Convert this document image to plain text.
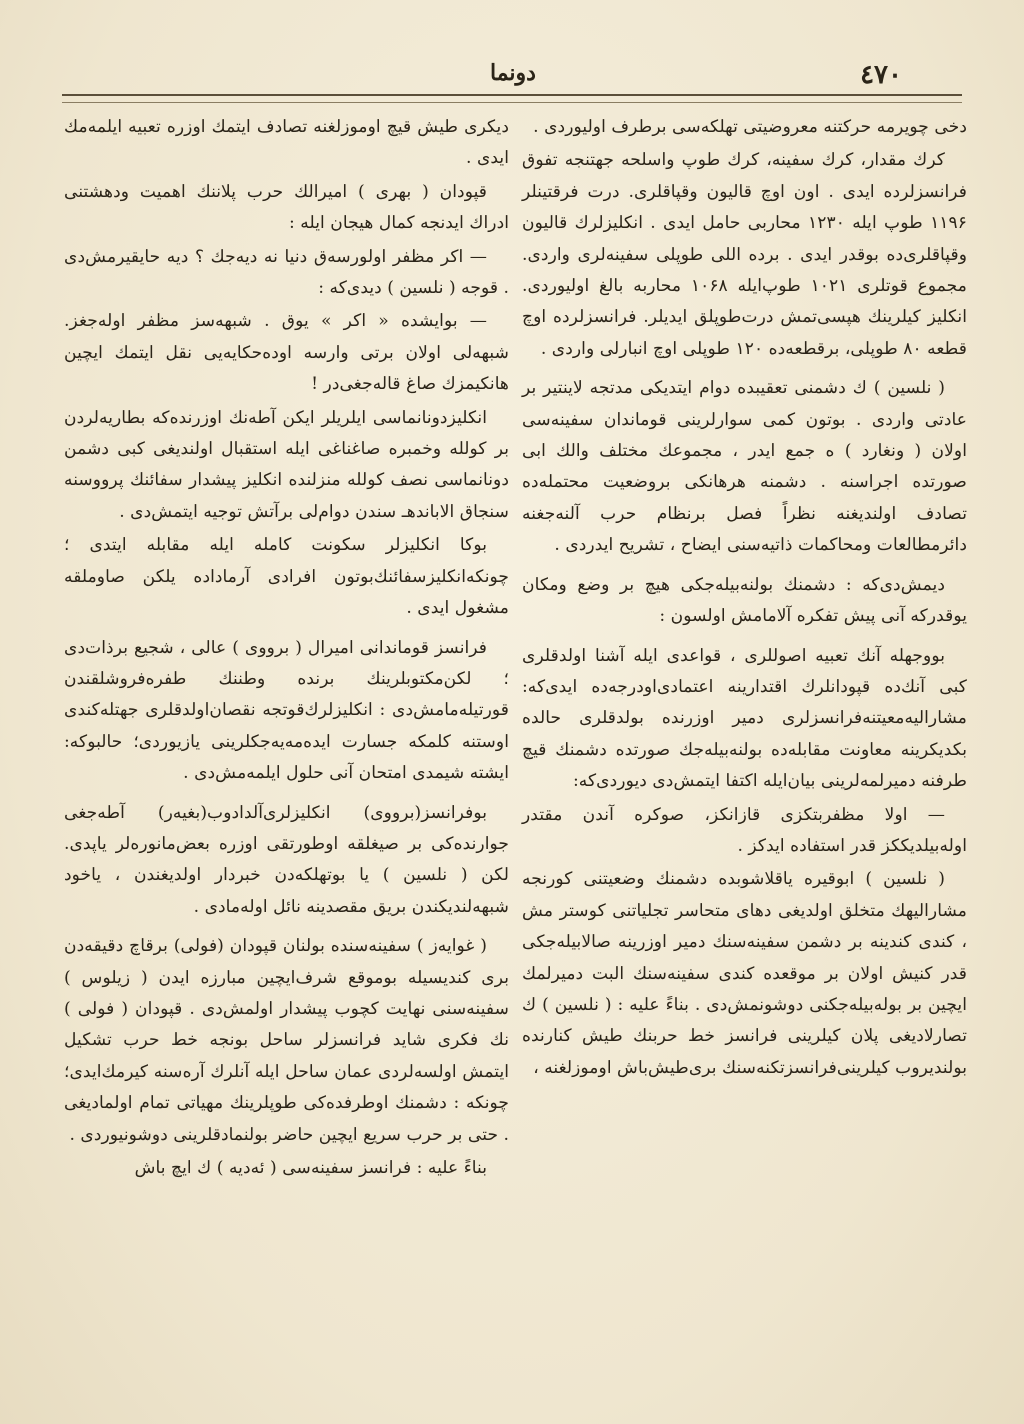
٤٧٠
دونما

دخی چویرمه حرکتنه معروضیتی تهلکه‌سی برطرف اولیوردی .

کرك مقدار، کرك سفینه، کرك طوپ واسلحه جهتنجه تفوق فرانسزلرده ایدی . اون اوچ قالیون وقپاقلری. درت فرقتینلر ۱۱۹۶ طوپ ایله ۱۲۳۰ محاربی حامل ایدی . انکلیزلرك قالیون وقپاقلری‌ده بوقدر ایدی . برده اللی طوپلی سفینه‌لری واردی. مجموع قوتلری ۱۰۲۱ طوپ‌ایله ۱۰۶۸ محاربه بالغ اولیوردی. انکلیز کیلرینك هپسی‌تمش درت‌طوپلق ایدیلر. فرانسزلرده اوچ قطعه ۸۰ طوپلی، برقطعه‌ده ۱۲۰ طوپلی اوچ انبارلی واردی .

( نلسین ) ك دشمنی تعقیبده دوام ایتدیکی مدتجه لاینتیر بر عادتی واردی . بوتون کمی سوارلرینی قوماندان سفینه‌سی اولان ( ونغارد ) ه جمع ایدر ، مجموعك مختلف والك ابی صورتده اجراسنه . دشمنه هرهانکی بروضعیت محتمله‌ده تصادف اولندیغنه نظراً فصل برنظام حرب آلنه‌جغنه دائرمطالعات ومحاکمات ذاتیه‌سنی ایضاح ، تشریح ایدردی .

دیمش‌دی‌که : دشمنك بولنه‌بیله‌جکی هیچ بر وضع ومکان یوقدرکه آنی پیش تفکره آلامامش اولسون :

بووجهله آنك تعبیه اصوللری ، قواعدی ایله آشنا اولدقلری کبی آنك‌ده قپودانلرك اقتدارینه اعتمادی‌اودرجه‌ده ایدی‌که: مشارالیه‌معیتنه‌فرانسزلری دمیر اوزرنده بولدقلری حالده بکدیکرینه معاونت مقابله‌ده بولنه‌بیله‌جك صورتده دشمنك قیچ طرفنه دمیرلمه‌لرینی بیان‌ایله اکتفا ایتمش‌دی دیوردی‌که:

— اولا مظفربتکزی قازانکز، صوکره آندن مقتدر اوله‌بیلدیککز قدر استفاده ایدکز .

( نلسین ) ابوقیره یاقلاشوبده دشمنك وضعیتنی کورنجه مشارالیهك متخلق اولدیغی دهای متحاسر تجلیاتنی کوستر مش ، کندی کندینه بر دشمن سفینه‌سنك دمیر اوزرینه صالابیله‌جکی قدر کنیش اولان بر موقعده کندی سفینه‌سنك البت دمیرلمك ایچین بر بوله‌بیله‌جکنی دوشونمش‌دی . بناءً علیه : ( نلسین ) ك تصارلادیغی پلان کیلرینی فرانسز خط حربنك طیش کنارنده بولندیروب کیلرینی‌فرانسزتکنه‌سنك بری‌طیش‌باش اوموزلغنه ،

دیکری طیش قیچ اوموزلغنه تصادف ایتمك اوزره تعبیه ایلمه‌مك ایدی .

قپودان ( بهری ) امیرالك حرب پلاننك اهمیت ودهشتنی ادراك ایدنجه کمال هیجان ایله :

— اکر مظفر اولورسه‌ق دنیا نه دیه‌جك ؟ دیه حایقیرمش‌دی . قوجه ( نلسین ) دیدی‌که :

— بوایشده « اکر » یوق . شبهه‌سز مظفر اوله‌جغز. شبهه‌لی اولان برتی وارسه اوده‌حکایه‌یی نقل ایتمك ایچین هانکیمزك صاغ قاله‌جغی‌در !

انکلیزدونانماسی ایلریلر ایکن آطه‌نك اوزرنده‌که بطاریه‌لردن بر کولله وخمبره صاغناغی ایله استقبال اولندیغی کبی دشمن دونانماسی نصف کولله منزلنده انکلیز پیشدار سفائنك پرووسنه سنجاق الاباندهـ سندن دوام‌لی برآتش توجیه ایتمش‌دی .

بوکا انکلیزلر سکونت کامله ایله مقابله ایتدی ؛ چونکه‌انکلیزسفائنك‌بوتون افرادی آرمادادە یلکن صاوملقه مشغول ایدی .

فرانسز قوماندانی امیرال ( برووی ) عالی ، شجیع برذات‌دی ؛ لکن‌مکتوبلرینك برنده وطننك طفره‌فروشلقندن قورتیله‌مامش‌دی : انکلیزلرك‌قوتجه نقصان‌اولدقلری جهتله‌کندی اوستنه کلمکه جسارت ایده‌مه‌یه‌جکلرینی یازیوردی؛ حالبوکه: ایشته شیمدی امتحان آنی حلول ایلمه‌مش‌دی .

بوفرانسز(برووی) انکلیزلری‌آلدادوب(بغیه‌ر) آطه‌جغی جوارنده‌کی بر صیغلقه اوطورتقی اوزره بعض‌مانوره‌لر یاپدی. لکن ( نلسین ) یا بوتهلکه‌دن خبردار اولدیغندن ، یاخود شبهه‌لندیکندن بریق مقصدینه نائل اوله‌مادی .

( غوایه‌ز ) سفینه‌سنده بولنان قپودان (فولی) برقاچ دقیقه‌دن بری کندیسیله بوموقع شرف‌ایچین مبارزه ایدن ( زیلوس ) سفینه‌سنی نهایت کچوب پیشدار اولمش‌دی . قپودان ( فولی ) نك فکری شاید فرانسزلر ساحل بونجه خط حرب تشکیل ایتمش اولسه‌لردی عمان ساحل ایله آنلرك آره‌سنه کیرمك‌ایدی؛ چونکه : دشمنك اوطرفده‌کی طوپلرینك مهیاتی تمام اولمادیغی . حتی بر حرب سریع ایچین حاضر بولنمادقلرینی دوشونیوردی .

بناءً علیه : فرانسز سفینه‌سی ( ئه‌دیه ) ك ایچ باش
